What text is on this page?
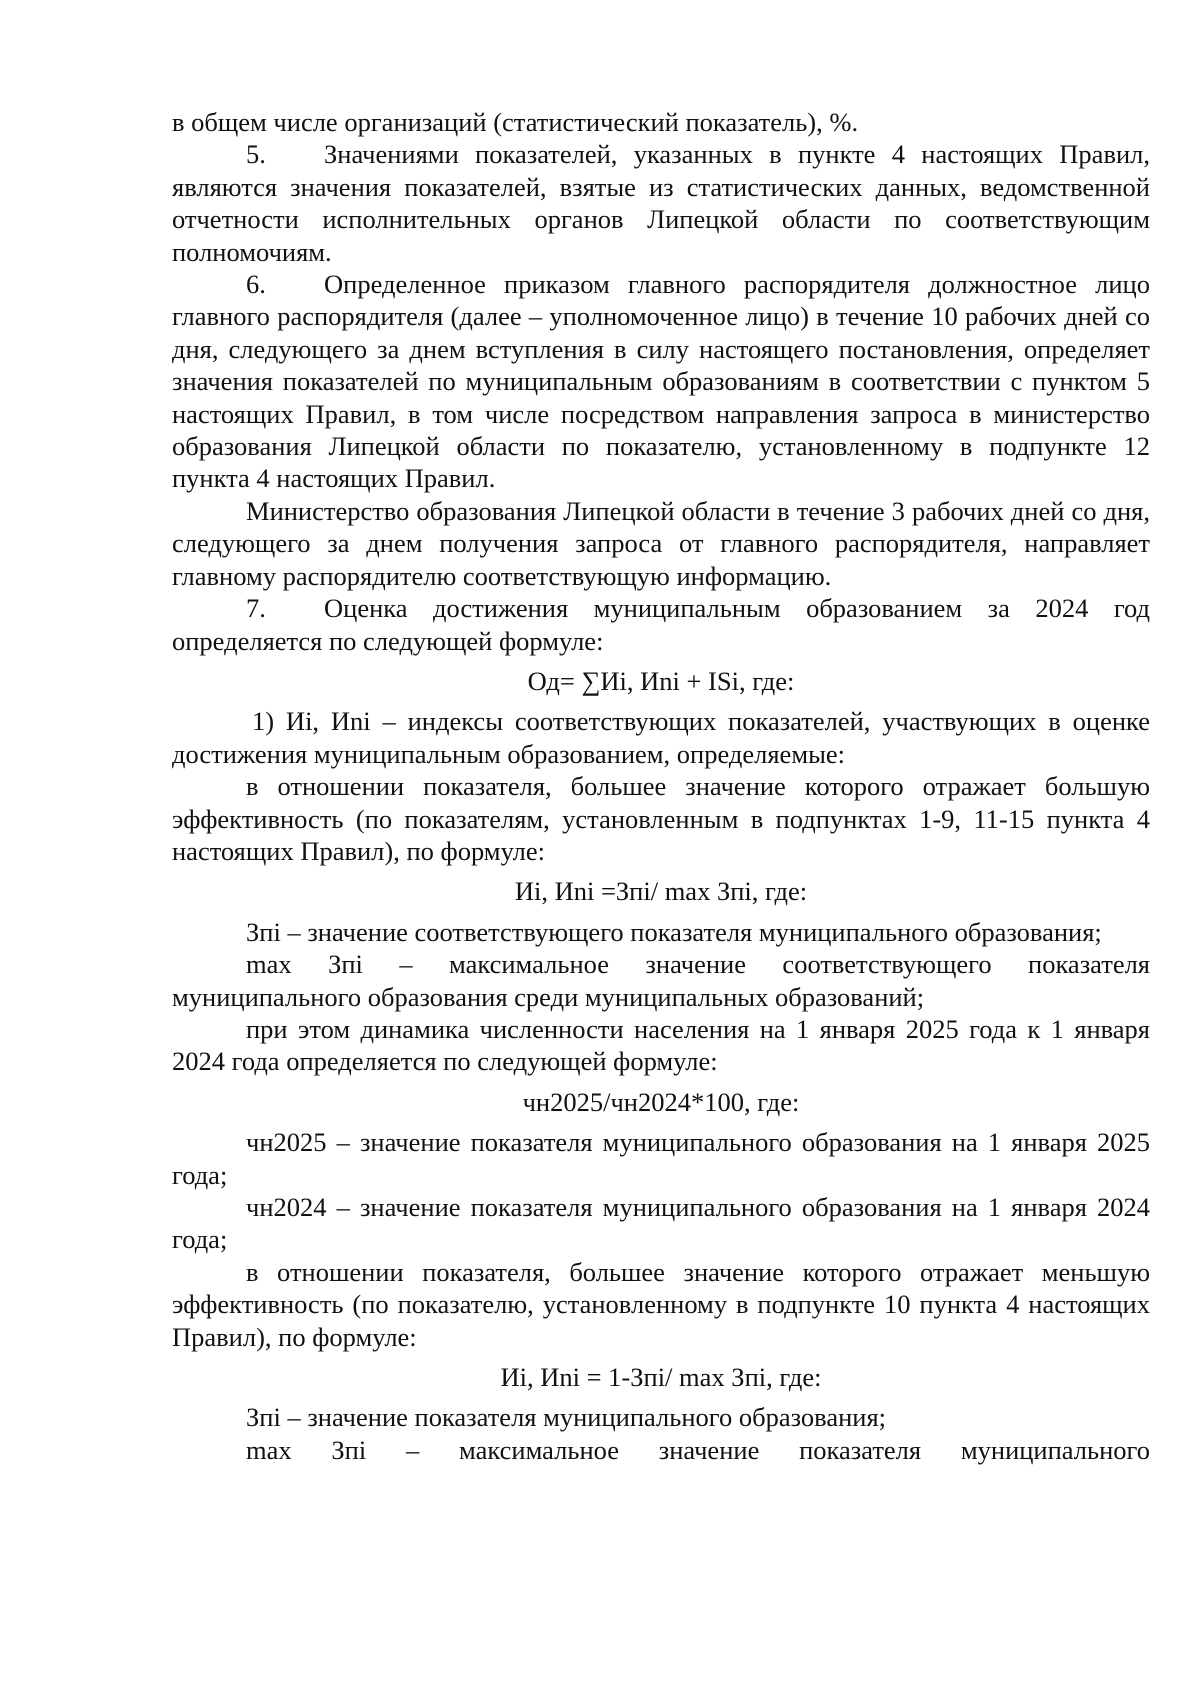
в общем числе организаций (статистический показатель), %.

5. Значениями показателей, указанных в пункте 4 настоящих Правил, являются значения показателей, взятые из статистических данных, ведомственной отчетности исполнительных органов Липецкой области по соответствующим полномочиям.

6. Определенное приказом главного распорядителя должностное лицо главного распорядителя (далее – уполномоченное лицо) в течение 10 рабочих дней со дня, следующего за днем вступления в силу настоящего постановления, определяет значения показателей по муниципальным образованиям в соответствии с пунктом 5 настоящих Правил, в том числе посредством направления запроса в министерство образования Липецкой области по показателю, установленному в подпункте 12 пункта 4 настоящих Правил.

Министерство образования Липецкой области в течение 3 рабочих дней со дня, следующего за днем получения запроса от главного распорядителя, направляет главному распорядителю соответствующую информацию.

7. Оценка достижения муниципальным образованием за 2024 год определяется по следующей формуле:

Од= ∑Иi, Иni + ISi, где:

1) Иi, Иni – индексы соответствующих показателей, участвующих в оценке достижения муниципальным образованием, определяемые:

в отношении показателя, большее значение которого отражает большую эффективность (по показателям, установленным в подпунктах 1-9, 11-15 пункта 4 настоящих Правил), по формуле:

Иi, Иni =Зпi/ max Зпi, где:

Зпi – значение соответствующего показателя муниципального образования;

max Зпi – максимальное значение соответствующего показателя муниципального образования среди муниципальных образований;

при этом динамика численности населения на 1 января 2025 года к 1 января 2024 года определяется по следующей формуле:

чн2025/чн2024*100, где:

чн2025 – значение показателя муниципального образования на 1 января 2025 года;

чн2024 – значение показателя муниципального образования на 1 января 2024 года;

в отношении показателя, большее значение которого отражает меньшую эффективность (по показателю, установленному в подпункте 10 пункта 4 настоящих Правил), по формуле:

Иi, Иni = 1-Зпi/ max Зпi, где:

Зпi – значение показателя муниципального образования;

max Зпi – максимальное значение показателя муниципального
